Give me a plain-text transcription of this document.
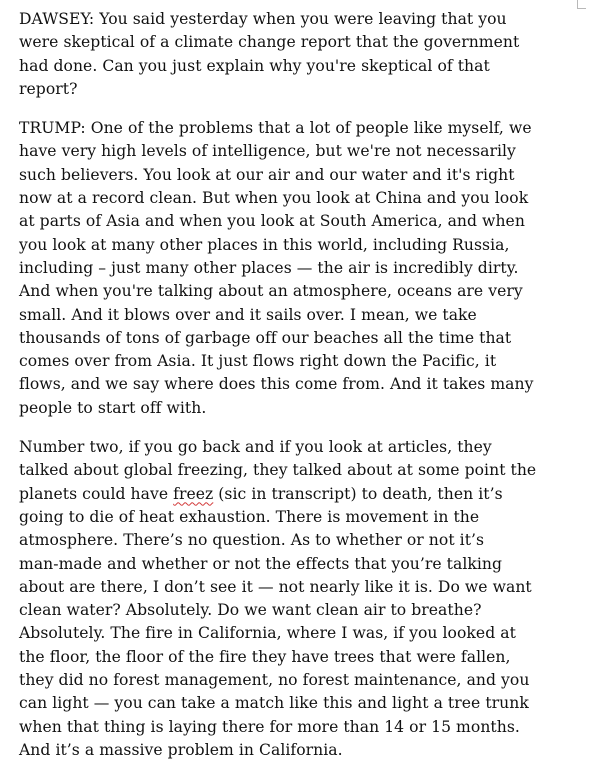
DAWSEY: You said yesterday when you were leaving that you
were skeptical of a climate change report that the government
had done. Can you just explain why you're skeptical of that
report?

TRUMP: One of the problems that a lot of people like myself, we
have very high levels of intelligence, but we're not necessarily
such believers. You look at our air and our water and it's right
now at a record clean. But when you look at China and you look
at parts of Asia and when you look at South America, and when
you look at many other places in this world, including Russia,
including – just many other places — the air is incredibly dirty.
And when you're talking about an atmosphere, oceans are very
small. And it blows over and it sails over. I mean, we take
thousands of tons of garbage off our beaches all the time that
comes over from Asia. It just flows right down the Pacific, it
flows, and we say where does this come from. And it takes many
people to start off with.

Number two, if you go back and if you look at articles, they
talked about global freezing, they talked about at some point the
planets could have freez (sic in transcript) to death, then it’s
going to die of heat exhaustion. There is movement in the
atmosphere. There’s no question. As to whether or not it’s
man-made and whether or not the effects that you’re talking
about are there, I don’t see it — not nearly like it is. Do we want
clean water? Absolutely. Do we want clean air to breathe?
Absolutely. The fire in California, where I was, if you looked at
the floor, the floor of the fire they have trees that were fallen,
they did no forest management, no forest maintenance, and you
can light — you can take a match like this and light a tree trunk
when that thing is laying there for more than 14 or 15 months.
And it’s a massive problem in California.
